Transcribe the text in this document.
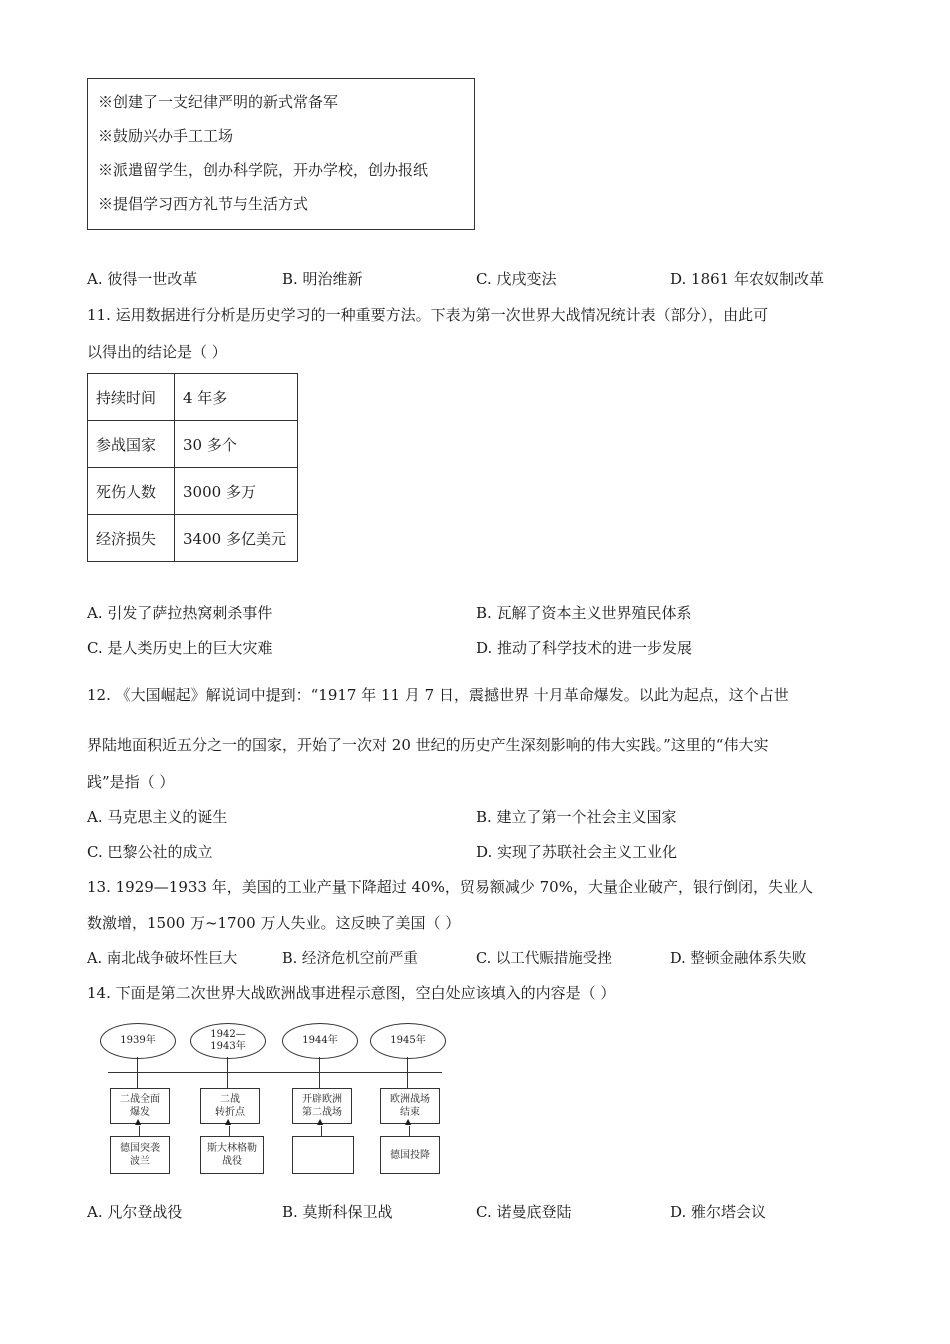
※创建了一支纪律严明的新式常备军
※鼓励兴办手工工场
※派遣留学生，创办科学院，开办学校，创办报纸
※提倡学习西方礼节与生活方式
A. 彼得一世改革	B. 明治维新	C. 戊戌变法	D. 1861 年农奴制改革
11. 运用数据进行分析是历史学习的一种重要方法。下表为第一次世界大战情况统计表（部分），由此可
以得出的结论是（ ）
持续时间	4 年多
参战国家	30 多个
死伤人数	3000 多万
经济损失	3400 多亿美元
A. 引发了萨拉热窝刺杀事件	B. 瓦解了资本主义世界殖民体系
C. 是人类历史上的巨大灾难	D. 推动了科学技术的进一步发展
12. 《大国崛起》解说词中提到：“1917 年 11 月 7 日，震撼世界 十月革命爆发。以此为起点，这个占世
界陆地面积近五分之一的国家，开始了一次对 20 世纪的历史产生深刻影响的伟大实践。”这里的“伟大实
践”是指（ ）
A. 马克思主义的诞生	B. 建立了第一个社会主义国家
C. 巴黎公社的成立	D. 实现了苏联社会主义工业化
13. 1929—1933 年，美国的工业产量下降超过 40%，贸易额减少 70%，大量企业破产，银行倒闭，失业人
数激增，1500 万~1700 万人失业。这反映了美国（ ）
A. 南北战争破坏性巨大	B. 经济危机空前严重	C. 以工代赈措施受挫	D. 整顿金融体系失败
14. 下面是第二次世界大战欧洲战事进程示意图，空白处应该填入的内容是（ ）
1939年
1942—
1943年
1944年	1945年
二战全面
爆发
二战
转折点
开辟欧洲
第二战场
欧洲战场
结束
▲	▲	▲	▲
德国突袭
波兰
斯大林格勒
战役
德国投降
A. 凡尔登战役	B. 莫斯科保卫战	C. 诺曼底登陆	D. 雅尔塔会议
